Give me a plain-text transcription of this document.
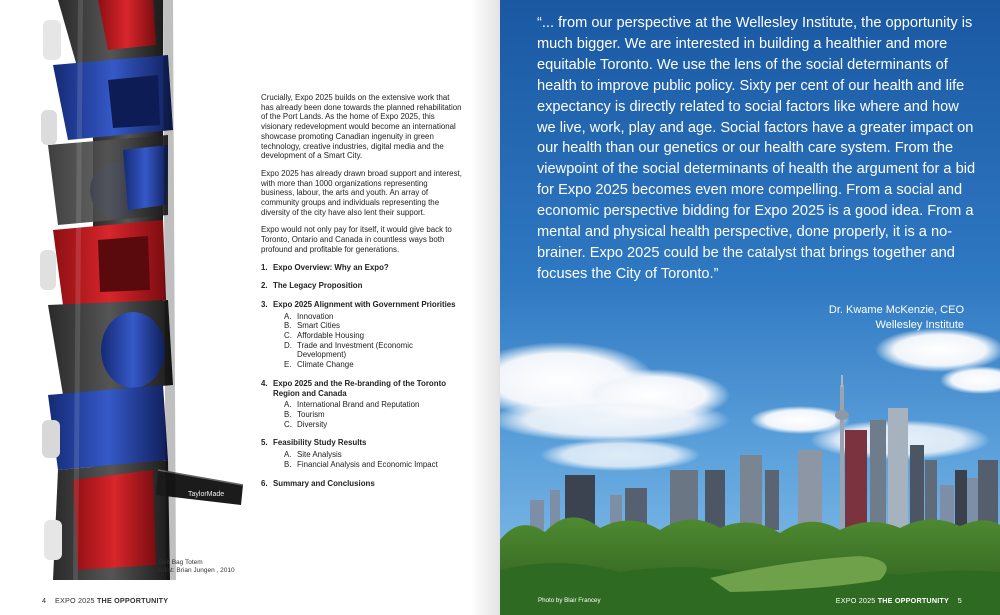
TaylorMade
Golf Bag Totem
Artist: Brian Jungen , 2010

Crucially, Expo 2025 builds on the extensive work that has already been done towards the planned rehabilitation of the Port Lands. As the home of Expo 2025, this visionary redevelopment would become an international showcase promoting Canadian ingenuity in green technology, creative industries, digital media and the development of a Smart City.

Expo 2025 has already drawn broad support and interest, with more than 1000 organizations representing business, labour, the arts and youth. An array of community groups and individuals representing the diversity of the city have also lent their support.

Expo would not only pay for itself, it would give back to Toronto, Ontario and Canada in countless ways both profound and profitable for generations.

1. Expo Overview: Why an Expo?
2. The Legacy Proposition
3. Expo 2025 Alignment with Government Priorities
A. Innovation
B. Smart Cities
C. Affordable Housing
D. Trade and Investment (Economic Development)
E. Climate Change
4. Expo 2025 and the Re-branding of the Toronto Region and Canada
A. International Brand and Reputation
B. Tourism
C. Diversity
5. Feasibility Study Results
A. Site Analysis
B. Financial Analysis and Economic Impact
6. Summary and Conclusions
4 EXPO 2025 THE OPPORTUNITY
“... from our perspective at the Wellesley Institute, the opportunity is much bigger. We are interested in building a healthier and more equitable Toronto. We use the lens of the social determinants of health to improve public policy. Sixty per cent of our health and life expectancy is directly related to social factors like where and how we live, work, play and age. Social factors have a greater impact on our health than our genetics or our health care system. From the viewpoint of the social determinants of health the argument for a bid for Expo 2025 becomes even more compelling. From a social and economic perspective bidding for Expo 2025 is a good idea. From a mental and physical health perspective, done properly, it is a no-brainer. Expo 2025 could be the catalyst that brings together and focuses the City of Toronto.”
Dr. Kwame McKenzie, CEO
Wellesley Institute
Photo by Blair Francey	EXPO 2025 THE OPPORTUNITY 5
